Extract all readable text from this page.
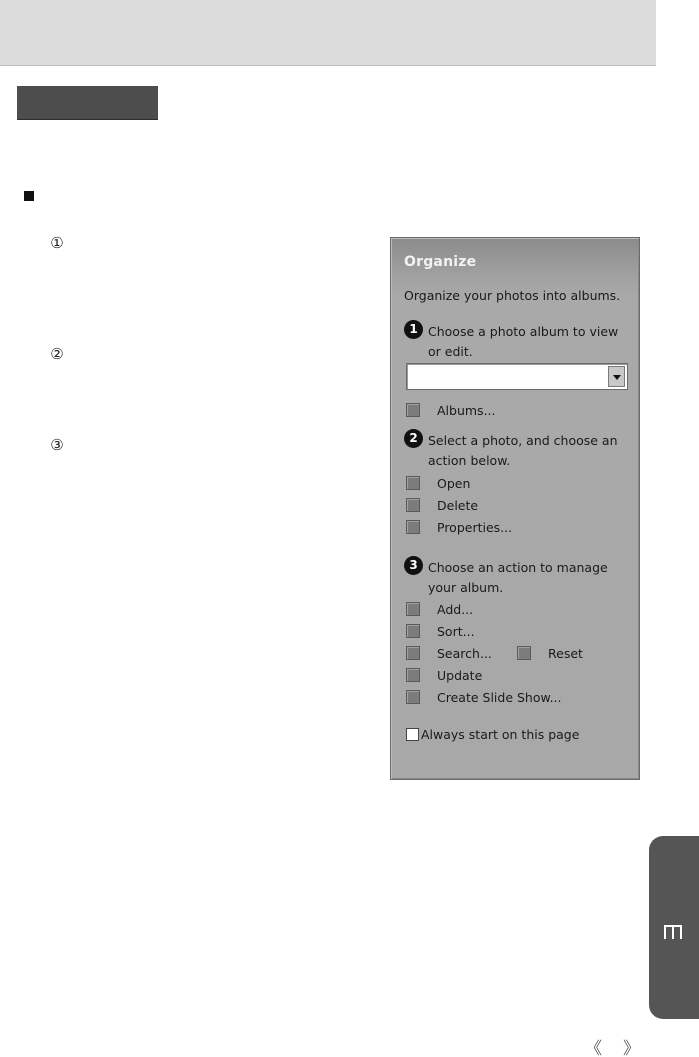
①
②
③
Organize
Organize your photos into albums.
1 Choose a photo album to view or edit.
Albums...
2 Select a photo, and choose an action below.
Open
Delete
Properties...
3 Choose an action to manage your album.
Add...
Sort...
Search...	Reset
Update
Create Slide Show...
Always start on this page
《 》
